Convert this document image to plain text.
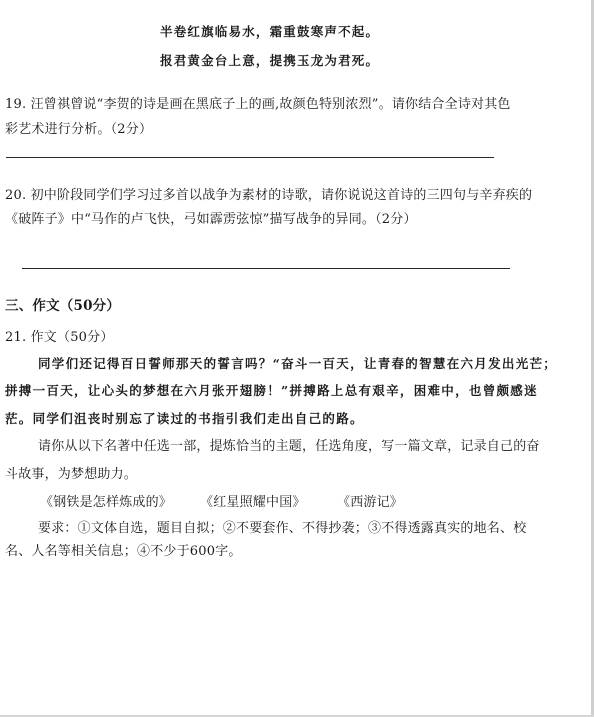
半卷红旗临易水，霜重鼓寒声不起。
报君黄金台上意，提携玉龙为君死。
19. 汪曾祺曾说“李贺的诗是画在黑底子上的画,故颜色特别浓烈”。请你结合全诗对其色
彩艺术进行分析。（2分）
20. 初中阶段同学们学习过多首以战争为素材的诗歌，请你说说这首诗的三四句与辛弃疾的
《破阵子》中“马作的卢飞快，弓如霹雳弦惊”描写战争的异同。（2分）
三、作文（50分）
21. 作文（50分）
同学们还记得百日誓师那天的誓言吗？“奋斗一百天，让青春的智慧在六月发出光芒；
拼搏一百天，让心头的梦想在六月张开翅膀！”拼搏路上总有艰辛，困难中，也曾颇感迷
茫。同学们沮丧时别忘了读过的书指引我们走出自己的路。
请你从以下名著中任选一部，提炼恰当的主题，任选角度，写一篇文章，记录自己的奋
斗故事，为梦想助力。
《钢铁是怎样炼成的》 《红星照耀中国》 《西游记》
要求：①文体自选，题目自拟；②不要套作、不得抄袭；③不得透露真实的地名、校
名、人名等相关信息；④不少于600字。
